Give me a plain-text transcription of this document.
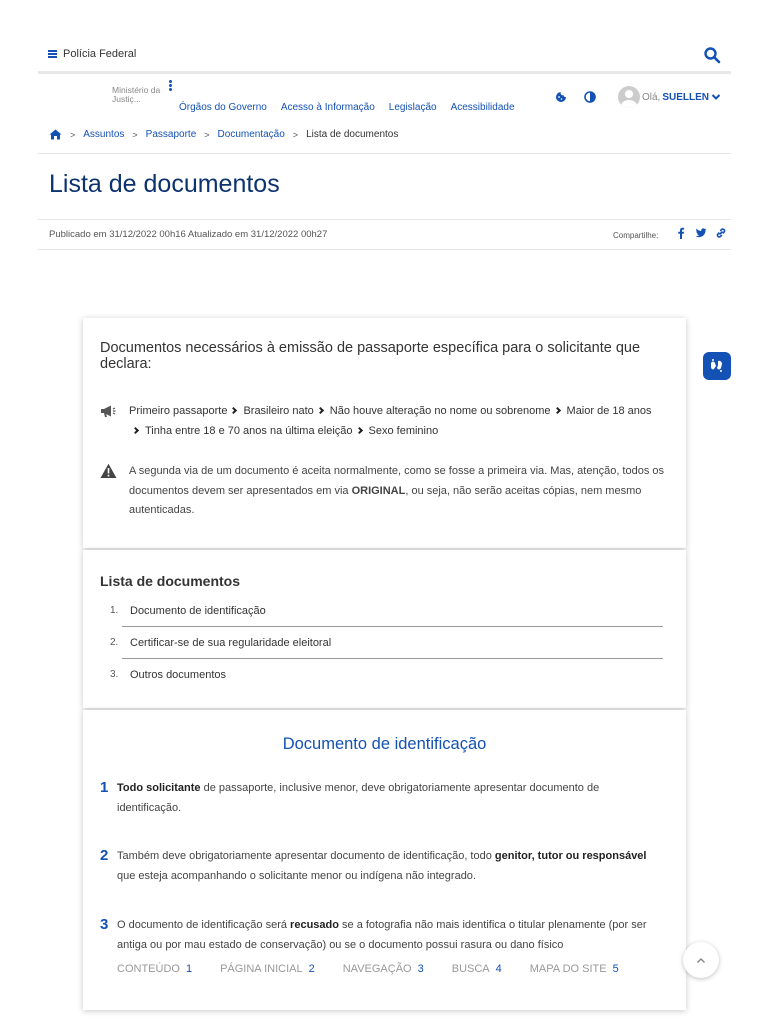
Polícia Federal
Ministério da Justiç...
Órgãos do Governo Acesso à Informação Legislação Acessibilidade
Olá, SUELLEN
> Assuntos > Passaporte > Documentação > Lista de documentos
Lista de documentos
Publicado em 31/12/2022 00h16 Atualizado em 31/12/2022 00h27	Compartilhe:
Documentos necessários à emissão de passaporte específica para o solicitante que declara:
Primeiro passaporte Brasileiro nato Não houve alteração no nome ou sobrenome Maior de 18 anosTinha entre 18 e 70 anos na última eleição Sexo feminino
A segunda via de um documento é aceita normalmente, como se fosse a primeira via. Mas, atenção, todos os documentos devem ser apresentados em via ORIGINAL, ou seja, não serão aceitas cópias, nem mesmo autenticadas.
Lista de documentos
1.	Documento de identificação
2.	Certificar-se de sua regularidade eleitoral
3.	Outros documentos
Documento de identificação
1 Todo solicitante de passaporte, inclusive menor, deve obrigatoriamente apresentar documento de identificação.
2 Também deve obrigatoriamente apresentar documento de identificação, todo genitor, tutor ou responsável que esteja acompanhando o solicitante menor ou indígena não integrado.
3 O documento de identificação será recusado se a fotografia não mais identifica o titular plenamente (por ser antiga ou por mau estado de conservação) ou se o documento possui rasura ou dano físico
CONTEÚDO 1	PÁGINA INICIAL 2	NAVEGAÇÃO 3	BUSCA 4	MAPA DO SITE 5
